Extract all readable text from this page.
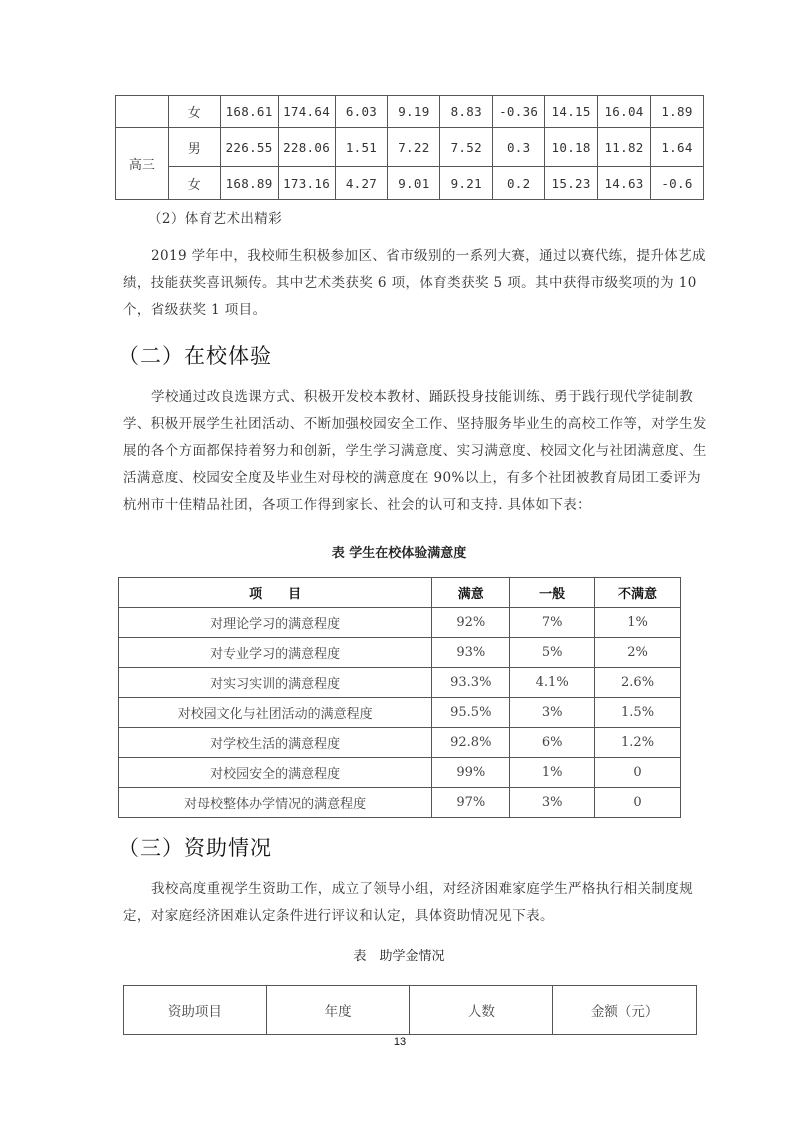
	女	168.61	174.64	6.03	9.19	8.83	-0.36	14.15	16.04	1.89
高三	男	226.55	228.06	1.51	7.22	7.52	0.3	10.18	11.82	1.64
	女	168.89	173.16	4.27	9.01	9.21	0.2	15.23	14.63	-0.6
（2）体育艺术出精彩
2019 学年中，我校师生积极参加区、省市级别的一系列大赛，通过以赛代练，提升体艺成绩，技能获奖喜讯频传。其中艺术类获奖 6 项，体育类获奖 5 项。其中获得市级奖项的为 10 个，省级获奖 1 项目。
（二）在校体验
学校通过改良选课方式、积极开发校本教材、踊跃投身技能训练、勇于践行现代学徒制教学、积极开展学生社团活动、不断加强校园安全工作、坚持服务毕业生的高校工作等，对学生发展的各个方面都保持着努力和创新，学生学习满意度、实习满意度、校园文化与社团满意度、生活满意度、校园安全度及毕业生对母校的满意度在 90%以上，有多个社团被教育局团工委评为杭州市十佳精品社团，各项工作得到家长、社会的认可和支持. 具体如下表：
表 学生在校体验满意度
项　　目	满意	一般	不满意
对理论学习的满意程度	92%	7%	1%
对专业学习的满意程度	93%	5%	2%
对实习实训的满意程度	93.3%	4.1%	2.6%
对校园文化与社团活动的满意程度	95.5%	3%	1.5%
对学校生活的满意程度	92.8%	6%	1.2%
对校园安全的满意程度	99%	1%	0
对母校整体办学情况的满意程度	97%	3%	0
（三）资助情况
我校高度重视学生资助工作，成立了领导小组，对经济困难家庭学生严格执行相关制度规定，对家庭经济困难认定条件进行评议和认定，具体资助情况见下表。
表　助学金情况
资助项目	年度	人数	金额（元）
13
